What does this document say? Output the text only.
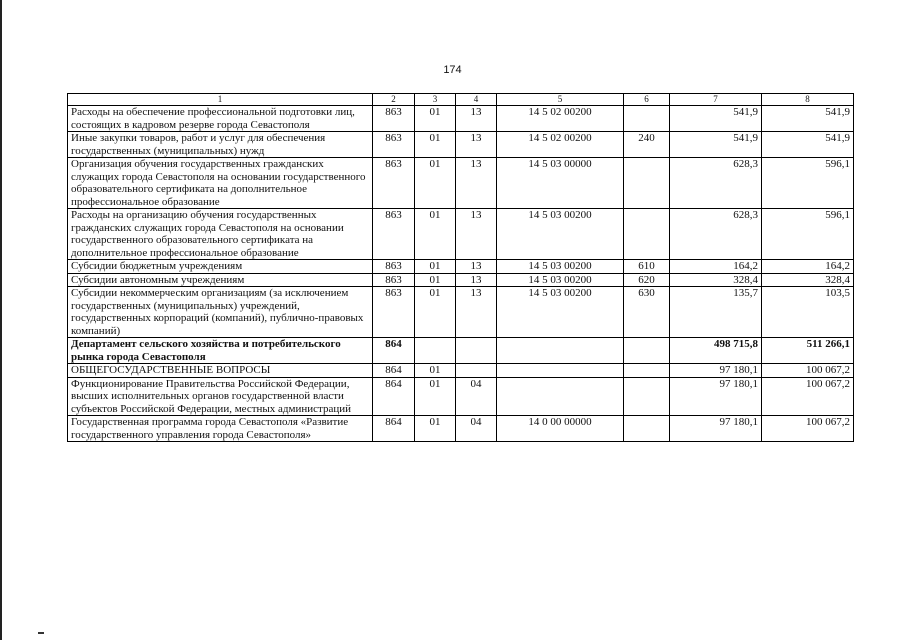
174
1	2	3	4	5	6	7	8
Расходы на обеспечение профессиональной подготовки лиц, состоящих в кадровом резерве города Севастополя	863	01	13	14 5 02 00200		541,9	541,9
Иные закупки товаров, работ и услуг для обеспечения государственных (муниципальных) нужд	863	01	13	14 5 02 00200	240	541,9	541,9
Организация обучения государственных гражданских служащих города Севастополя на основании государственного образовательного сертификата на дополнительное профессиональное образование	863	01	13	14 5 03 00000		628,3	596,1
Расходы на организацию обучения государственных гражданских служащих города Севастополя на основании государственного образовательного сертификата на дополнительное профессиональное образование	863	01	13	14 5 03 00200		628,3	596,1
Субсидии бюджетным учреждениям	863	01	13	14 5 03 00200	610	164,2	164,2
Субсидии автономным учреждениям	863	01	13	14 5 03 00200	620	328,4	328,4
Субсидии некоммерческим организациям (за исключением государственных (муниципальных) учреждений, государственных корпораций (компаний), публично-правовых компаний)	863	01	13	14 5 03 00200	630	135,7	103,5
Департамент сельского хозяйства и потребительского рынка города Севастополя	864					498 715,8	511 266,1
ОБЩЕГОСУДАРСТВЕННЫЕ ВОПРОСЫ	864	01				97 180,1	100 067,2
Функционирование Правительства Российской Федерации, высших исполнительных органов государственной власти субъектов Российской Федерации, местных администраций	864	01	04			97 180,1	100 067,2
Государственная программа города Севастополя «Развитие государственного управления города Севастополя»	864	01	04	14 0 00 00000		97 180,1	100 067,2
